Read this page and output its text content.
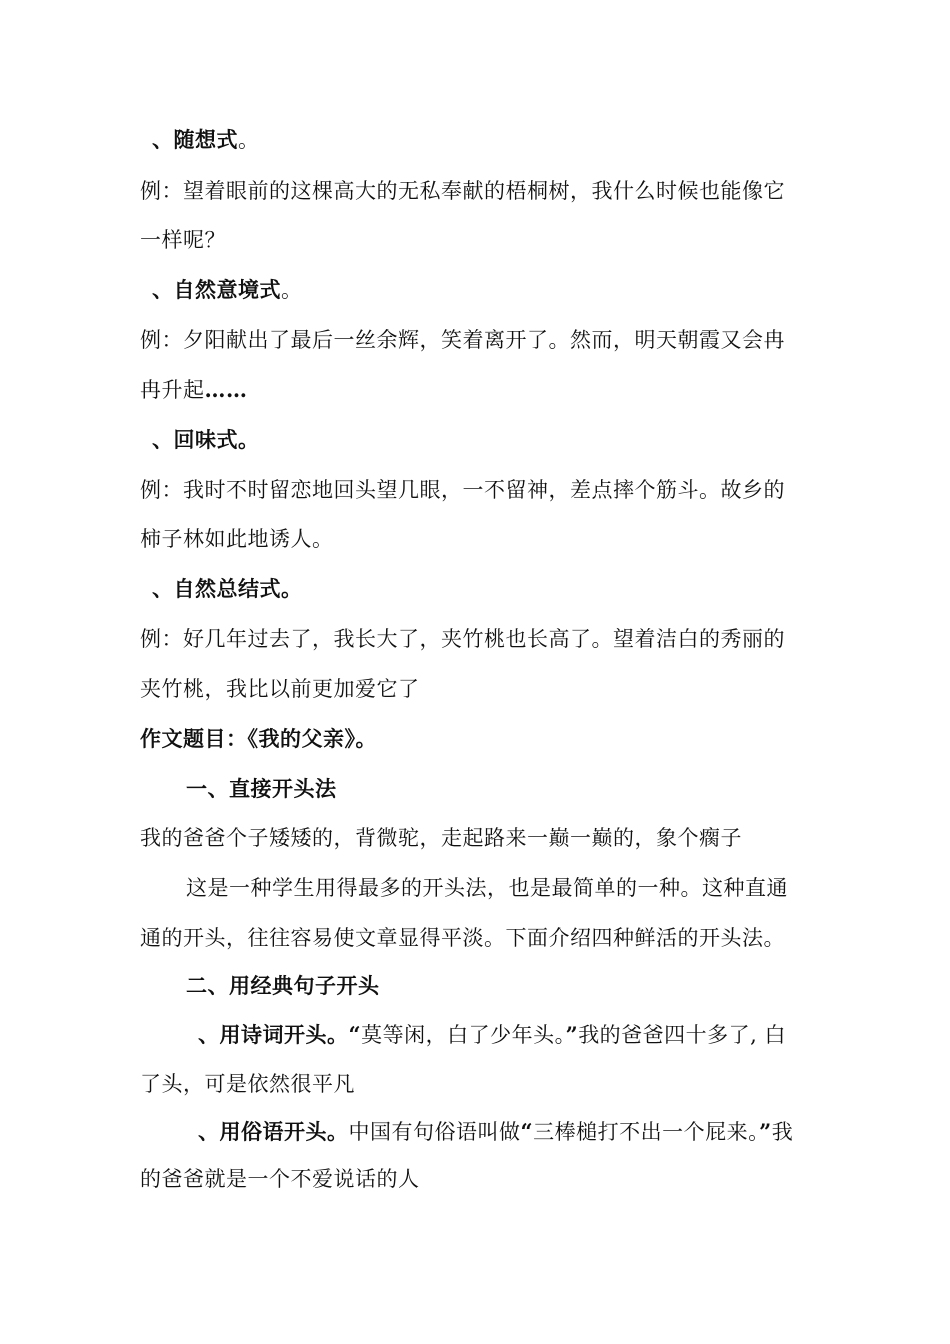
、随想式。
例：望着眼前的这棵高大的无私奉献的梧桐树，我什么时候也能像它
一样呢？
、自然意境式。
例：夕阳献出了最后一丝余辉，笑着离开了。然而，明天朝霞又会冉
冉升起……
、回味式。
例：我时不时留恋地回头望几眼，一不留神，差点摔个筋斗。故乡的
柿子林如此地诱人。
、自然总结式。
例：好几年过去了，我长大了，夹竹桃也长高了。望着洁白的秀丽的
夹竹桃，我比以前更加爱它了
作文题目：《我的父亲》。
一、直接开头法
我的爸爸个子矮矮的，背微驼，走起路来一巅一巅的，象个瘸子
这是一种学生用得最多的开头法，也是最简单的一种。这种直通
通的开头，往往容易使文章显得平淡。下面介绍四种鲜活的开头法。
二、用经典句子开头
、用诗词开头。“莫等闲，白了少年头。”我的爸爸四十多了, 白
了头，可是依然很平凡
、用俗语开头。中国有句俗语叫做“三棒槌打不出一个屁来。”我
的爸爸就是一个不爱说话的人
